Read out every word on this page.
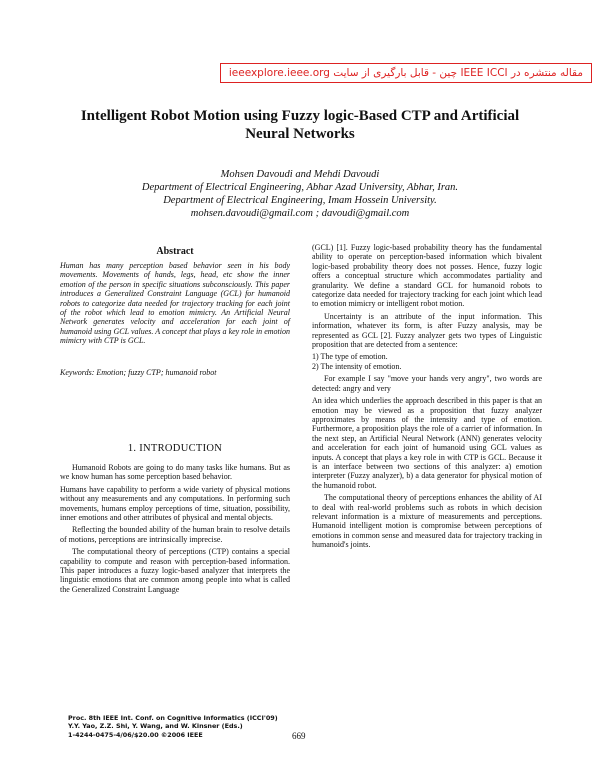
مقاله منتشره در IEEE ICCI چین - قابل بارگیری از سایت ieeexplore.ieee.org
Intelligent Robot Motion using Fuzzy logic-Based CTP and Artificial Neural Networks
Mohsen Davoudi and Mehdi Davoudi
Department of Electrical Engineering, Abhar Azad University, Abhar, Iran.
Department of Electrical Engineering, Imam Hossein University.
mohsen.davoudi@gmail.com ; davoudi@gmail.com
Abstract
Human has many perception based behavior seen in his body movements. Movements of hands, legs, head, etc show the inner emotion of the person in specific situations subconsciously. This paper introduces a Generalized Constraint Language (GCL) for humanoid robots to categorize data needed for trajectory tracking for each joint of the robot which lead to emotion mimicry. An Artificial Neural Network generates velocity and acceleration for each joint of humanoid using GCL values. A concept that plays a key role in emotion mimicry with CTP is GCL.
Keywords: Emotion; fuzzy CTP; humanoid robot
1. INTRODUCTION

Humanoid Robots are going to do many tasks like humans. But as we know human has some perception based behavior.

Humans have capability to perform a wide variety of physical motions without any measurements and any computations. In performing such movements, humans employ perceptions of time, situation, possibility, inner emotions and other attributes of physical and mental objects.

Reflecting the bounded ability of the human brain to resolve details of motions, perceptions are intrinsically imprecise.

The computational theory of perceptions (CTP) contains a special capability to compute and reason with perception-based information. This paper introduces a fuzzy logic-based analyzer that interprets the linguistic emotions that are common among people into what is called the Generalized Constraint Language

(GCL) [1]. Fuzzy logic-based probability theory has the fundamental ability to operate on perception-based information which bivalent logic-based probability theory does not posses. Hence, fuzzy logic offers a conceptual structure which accommodates partiality and granularity. We define a standard GCL for humanoid robots to categorize data needed for trajectory tracking for each joint which lead to emotion mimicry or intelligent robot motion.

Uncertainty is an attribute of the input information. This information, whatever its form, is after Fuzzy analysis, may be represented as GCL [2]. Fuzzy analyzer gets two types of Linguistic proposition that are detected from a sentence:

1) The type of emotion.

2) The intensity of emotion.

For example I say "move your hands very angry", two words are detected: angry and very

An idea which underlies the approach described in this paper is that an emotion may be viewed as a proposition that fuzzy analyzer approximates by means of the intensity and type of emotion. Furthermore, a proposition plays the role of a carrier of information. In the next step, an Artificial Neural Network (ANN) generates velocity and acceleration for each joint of humanoid using GCL values as inputs. A concept that plays a key role in with CTP is GCL. Because it is an interface between two sections of this analyzer: a) emotion interpreter (Fuzzy analyzer), b) a data generator for physical motion of the humanoid robot.

The computational theory of perceptions enhances the ability of AI to deal with real-world problems such as robots in which decision relevant information is a mixture of measurements and perceptions. Humanoid intelligent motion is compromise between perceptions of emotions in common sense and measured data for trajectory tracking in humanoid's joints.

Proc. 8th IEEE Int. Conf. on Cognitive Informatics (ICCI'09)
Y.Y. Yao, Z.Z. Shi, Y. Wang, and W. Kinsner (Eds.)
1-4244-0475-4/06/$20.00 ©2006 IEEE	669
